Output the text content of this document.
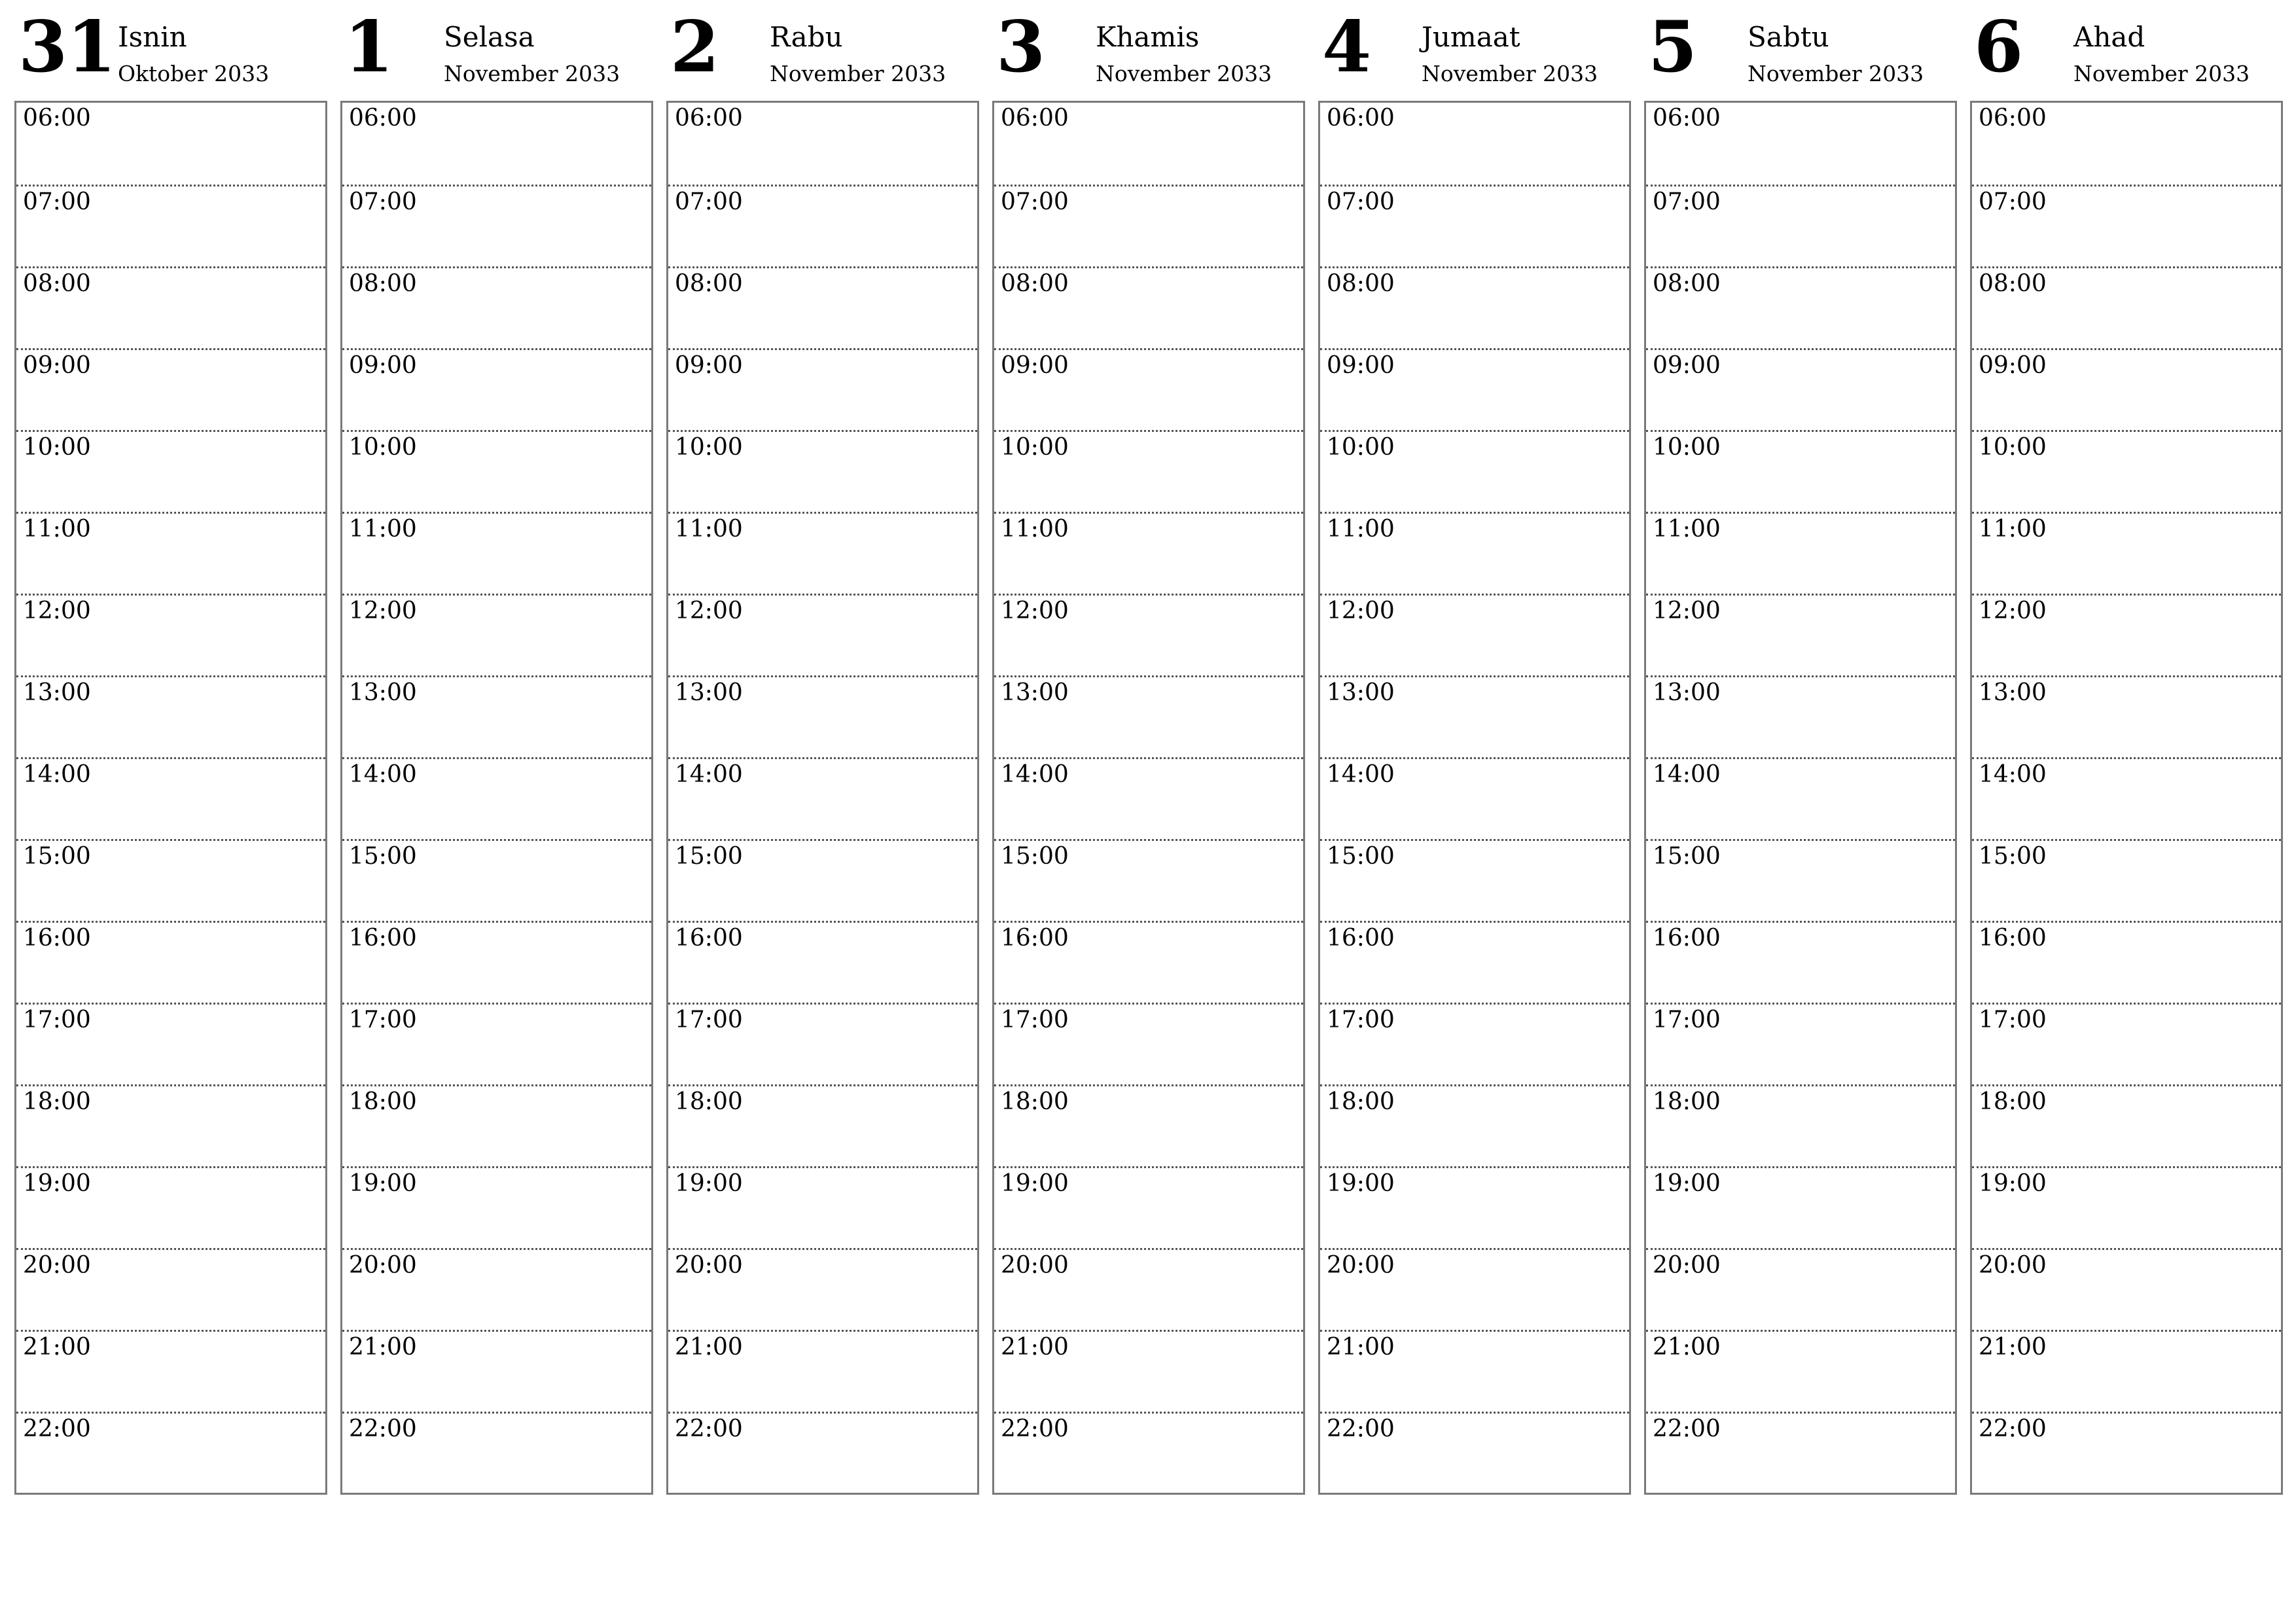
31 Isnin
Oktober 2033
06:00
07:00
08:00
09:00
10:00
11:00
12:00
13:00
14:00
15:00
16:00
17:00
18:00
19:00
20:00
21:00
22:00
1 Selasa
November 2033
06:00
07:00
08:00
09:00
10:00
11:00
12:00
13:00
14:00
15:00
16:00
17:00
18:00
19:00
20:00
21:00
22:00
2 Rabu
November 2033
06:00
07:00
08:00
09:00
10:00
11:00
12:00
13:00
14:00
15:00
16:00
17:00
18:00
19:00
20:00
21:00
22:00
3 Khamis
November 2033
06:00
07:00
08:00
09:00
10:00
11:00
12:00
13:00
14:00
15:00
16:00
17:00
18:00
19:00
20:00
21:00
22:00
4 Jumaat
November 2033
06:00
07:00
08:00
09:00
10:00
11:00
12:00
13:00
14:00
15:00
16:00
17:00
18:00
19:00
20:00
21:00
22:00
5 Sabtu
November 2033
06:00
07:00
08:00
09:00
10:00
11:00
12:00
13:00
14:00
15:00
16:00
17:00
18:00
19:00
20:00
21:00
22:00
6 Ahad
November 2033
06:00
07:00
08:00
09:00
10:00
11:00
12:00
13:00
14:00
15:00
16:00
17:00
18:00
19:00
20:00
21:00
22:00
